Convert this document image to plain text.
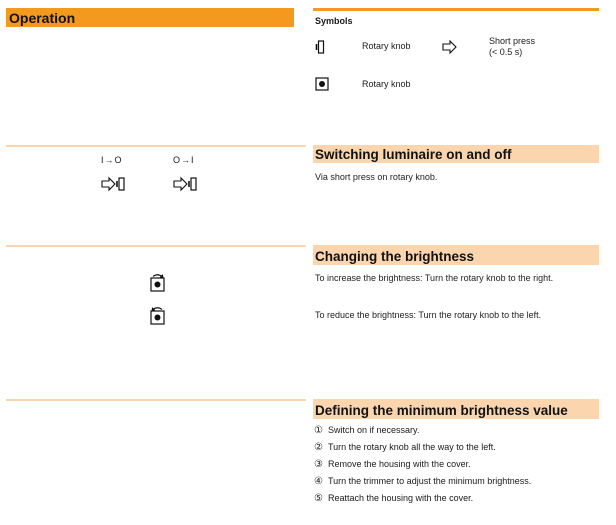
Operation	Symbols
Rotary knob	Short press
(< 0.5 s)
Rotary knob
Switching luminaire on and off
Via short press on rotary knob.
I→O	O→I
Changing the brightness
To increase the brightness: Turn the rotary knob to the right.
To reduce the brightness: Turn the rotary knob to the left.
Defining the minimum brightness value
① Switch on if necessary.
② Turn the rotary knob all the way to the left.
③ Remove the housing with the cover.
④ Turn the trimmer to adjust the minimum brightness.
⑤ Reattach the housing with the cover.
